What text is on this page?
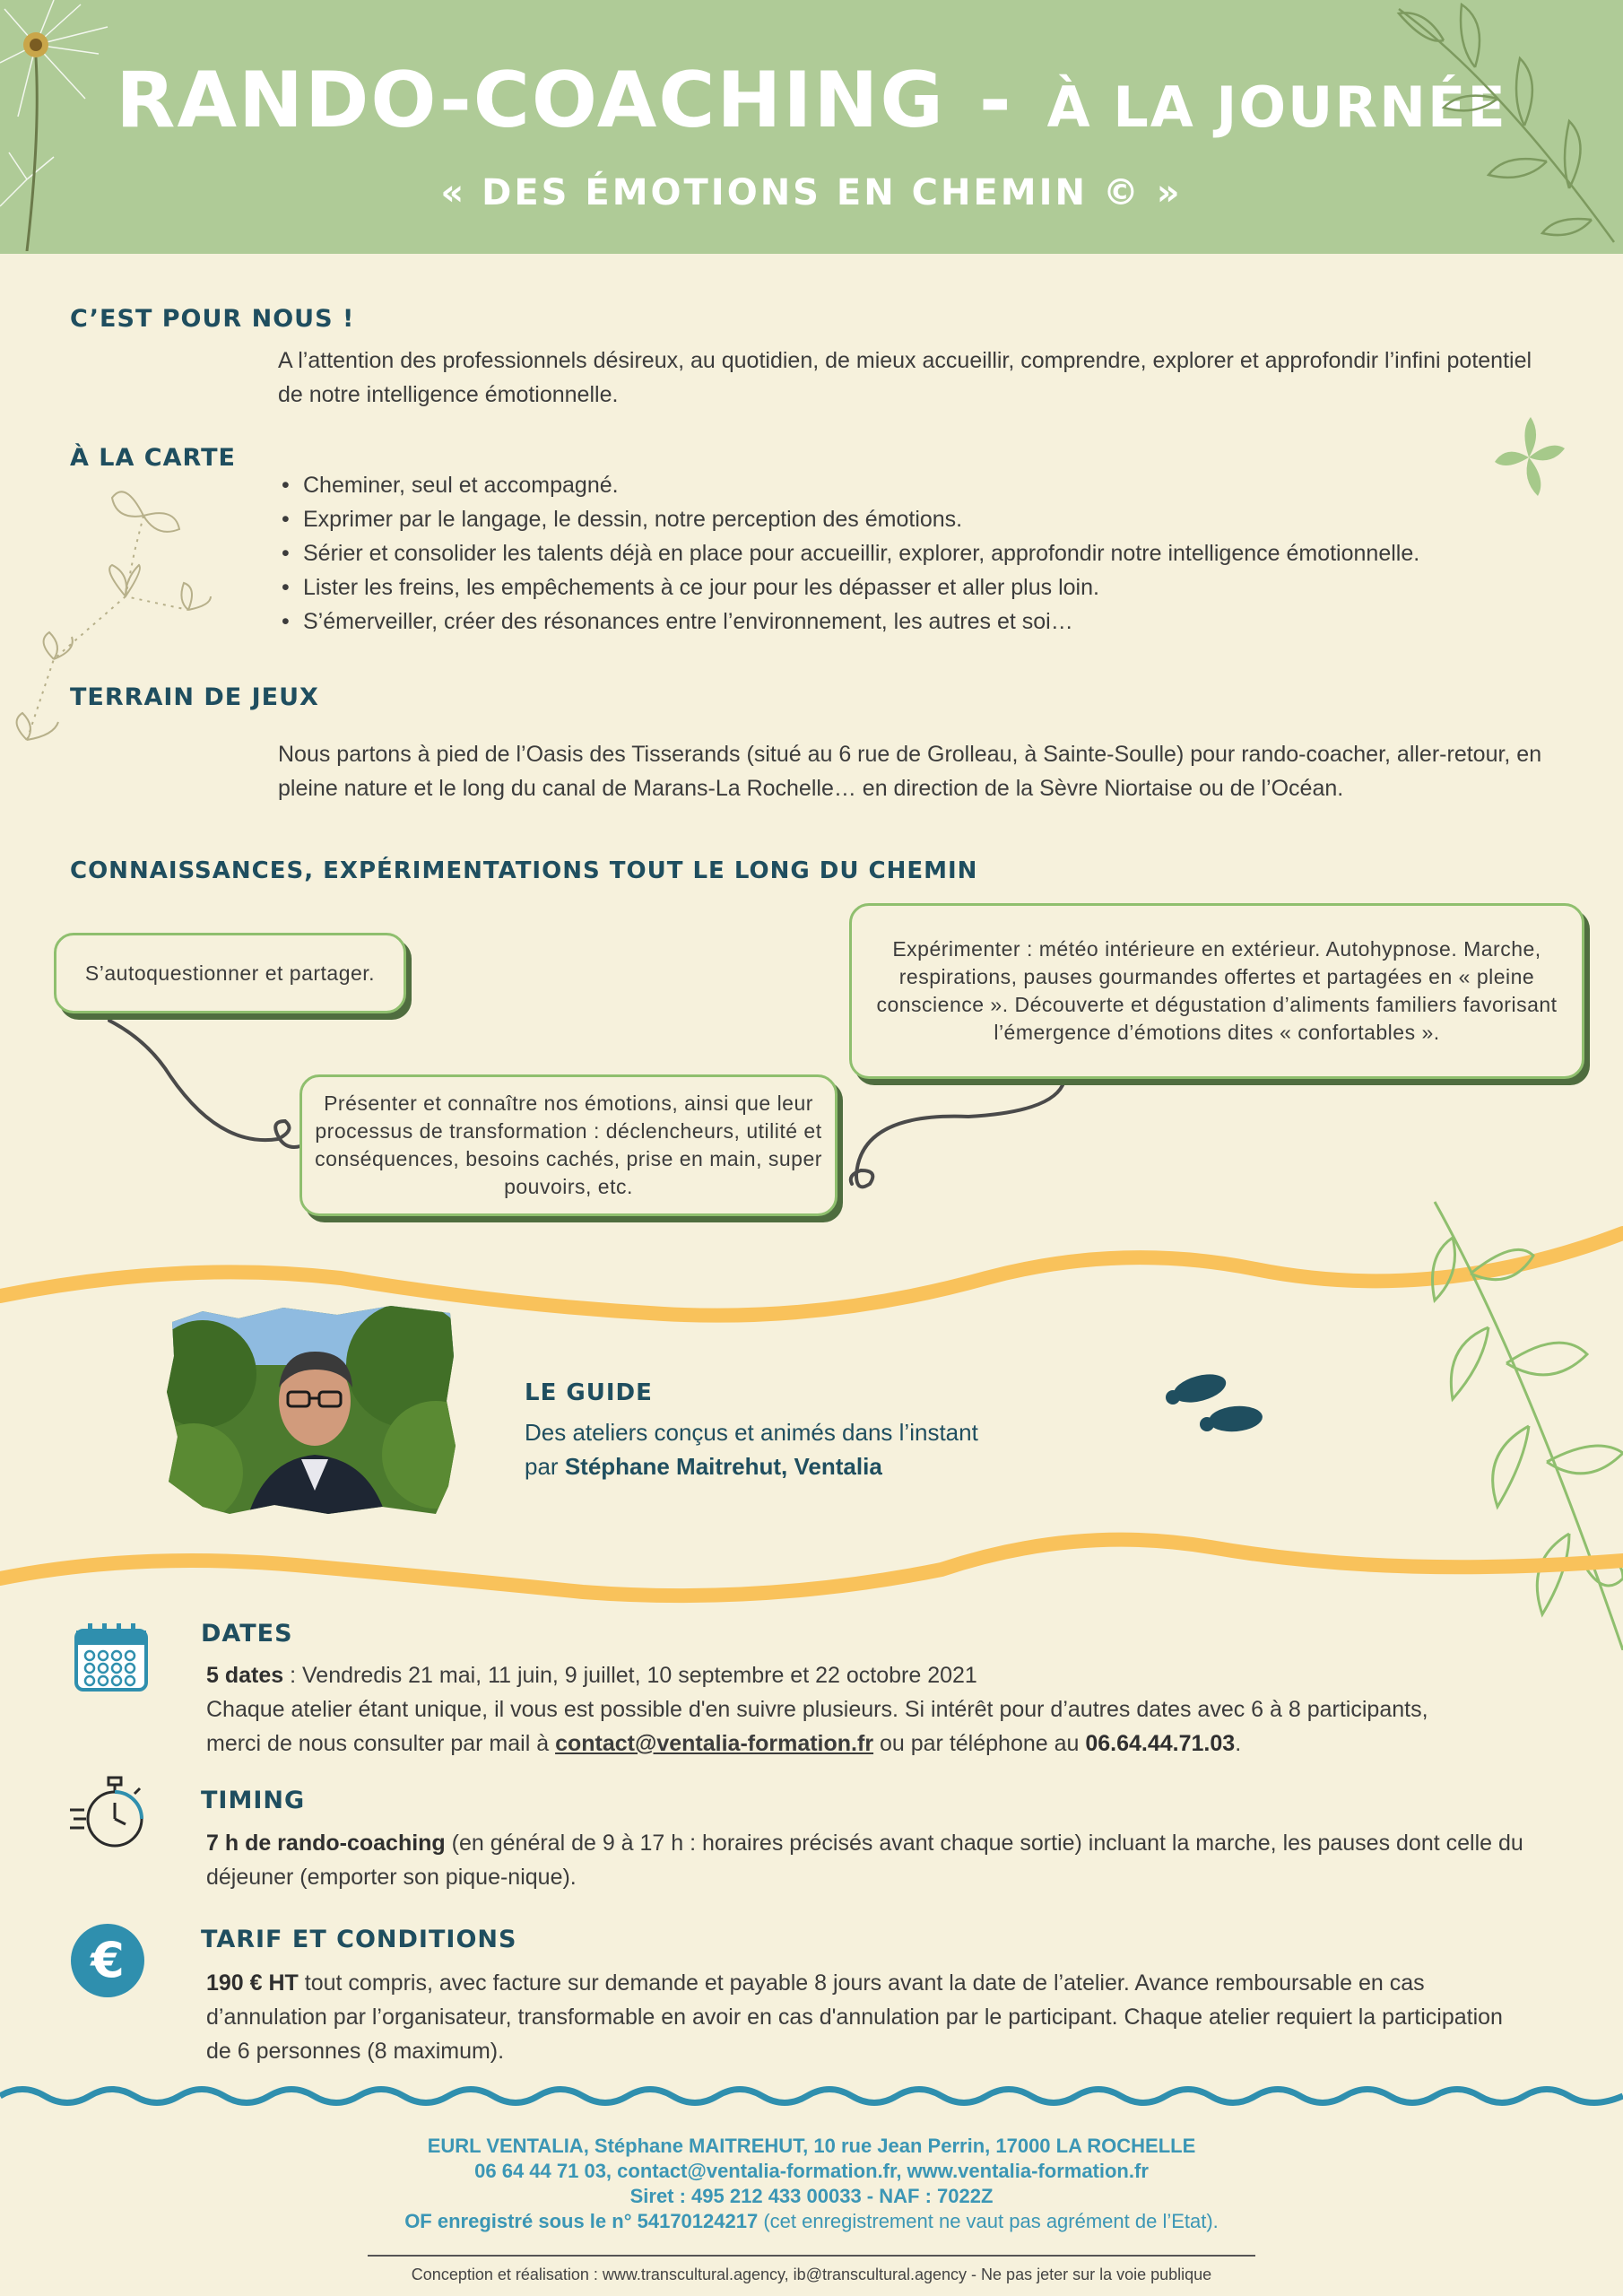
RANDO-COACHING - À LA JOURNÉE
« DES ÉMOTIONS EN CHEMIN © »
C’EST POUR NOUS !
A l’attention des professionnels désireux, au quotidien, de mieux accueillir, comprendre, explorer et approfondir l’infini potentiel de notre intelligence émotionnelle.
À LA CARTE
• Cheminer, seul et accompagné.
• Exprimer par le langage, le dessin, notre perception des émotions.
• Sérier et consolider les talents déjà en place pour accueillir, explorer, approfondir notre intelligence émotionnelle.
• Lister les freins, les empêchements à ce jour pour les dépasser et aller plus loin.
• S’émerveiller, créer des résonances entre l’environnement, les autres et soi…
TERRAIN DE JEUX
Nous partons à pied de l’Oasis des Tisserands (situé au 6 rue de Grolleau, à Sainte-Soulle) pour rando-coacher, aller-retour, en pleine nature et le long du canal de Marans-La Rochelle… en direction de la Sèvre Niortaise ou de l’Océan.
CONNAISSANCES, EXPÉRIMENTATIONS TOUT LE LONG DU CHEMIN
S’autoquestionner et partager.
Présenter et connaître nos émotions, ainsi que leur processus de transformation : déclencheurs, utilité et conséquences, besoins cachés, prise en main, super pouvoirs, etc.
Expérimenter : météo intérieure en extérieur. Autohypnose. Marche, respirations, pauses gourmandes offertes et partagées en « pleine conscience ». Découverte et dégustation d’aliments familiers favorisant l’émergence d’émotions dites « confortables ».
LE GUIDE
Des ateliers conçus et animés dans l’instant
par Stéphane Maitrehut, Ventalia
DATES
5 dates : Vendredis 21 mai, 11 juin, 9 juillet, 10 septembre et 22 octobre 2021
Chaque atelier étant unique, il vous est possible d'en suivre plusieurs. Si intérêt pour d’autres dates avec 6 à 8 participants,
merci de nous consulter par mail à contact@ventalia-formation.fr ou par téléphone au 06.64.44.71.03.
TIMING
7 h de rando-coaching (en général de 9 à 17 h : horaires précisés avant chaque sortie) incluant la marche, les pauses dont celle du déjeuner (emporter son pique-nique).
€	TARIF ET CONDITIONS
190 € HT tout compris, avec facture sur demande et payable 8 jours avant la date de l’atelier. Avance remboursable en cas d’annulation par l’organisateur, transformable en avoir en cas d'annulation par le participant. Chaque atelier requiert la participation de 6 personnes (8 maximum).
EURL VENTALIA, Stéphane MAITREHUT, 10 rue Jean Perrin, 17000 LA ROCHELLE
06 64 44 71 03, contact@ventalia-formation.fr, www.ventalia-formation.fr
Siret : 495 212 433 00033 - NAF : 7022Z
OF enregistré sous le n° 54170124217 (cet enregistrement ne vaut pas agrément de l’Etat).
Conception et réalisation : www.transcultural.agency, ib@transcultural.agency - Ne pas jeter sur la voie publique
